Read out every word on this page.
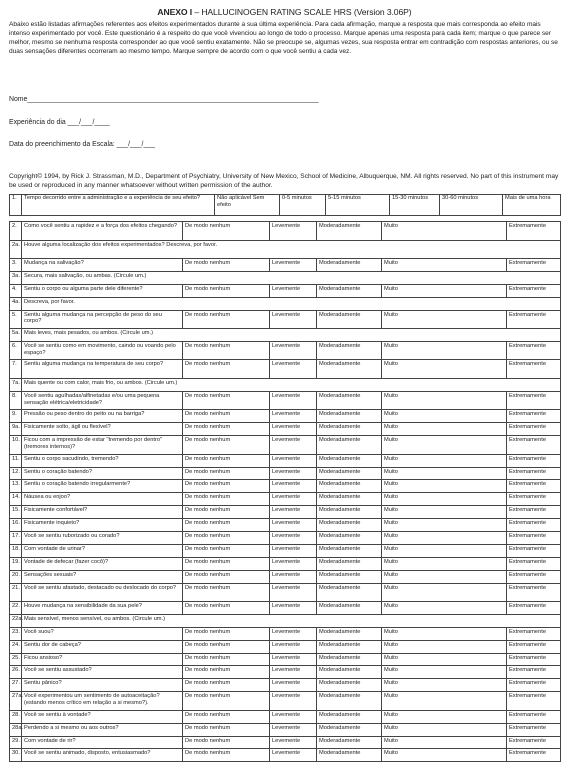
ANEXO I – HALLUCINOGEN RATING SCALE HRS (Version 3.06P)
Abaixo estão listadas afirmações referentes aos efeitos experimentados durante a sua última experiência. Para cada afirmação, marque a resposta que mais corresponda ao efeito mais intenso experimentado por você. Este questionário é a respeito do que você vivenciou ao longo de todo o processo. Marque apenas uma resposta para cada item; marque o que parece ser melhor, mesmo se nenhuma resposta corresponder ao que você sentiu exatamente. Não se preocupe se, algumas vezes, sua resposta entrar em contradição com respostas anteriores, ou se duas sensações diferentes ocorreram ao mesmo tempo. Marque sempre de acordo com o que você sentiu a cada vez.
Nome____________________________________________________________________________
Experiência do dia ___/___/____
Data do preenchimento da Escala: ___/___/___
Copyright© 1994, by Rick J. Strassman, M.D., Department of Psychiatry, University of New Mexico, School of Medicine, Albuquerque, NM. All rights reserved. No part of this instrument may be used or reproduced in any manner whatsoever without written permission of the author.
1.	Tempo decorrido entre a administração e a experiência de seu efeito?	Não aplicável Sem efeito	0-5 minutos	5-15 minutos	15-30 minutos	30-60 minutos	Mais de uma hora
2.	Como você sentiu a rapidez e a força dos efeitos chegando?	De modo nenhum	Levemente	Moderadamente	Muito	Extremamente
2a.	Houve alguma localização dos efeitos experimentados? Descreva, por favor.					
3.	Mudança na salivação?	De modo nenhum	Levemente	Moderadamente	Muito	Extremamente
3a.	Secura, mais salivação, ou ambas. (Circule um.)					
4.	Sentiu o corpo ou alguma parte dele diferente?	De modo nenhum	Levemente	Moderadamente	Muito	Extremamente
4a.	Descreva, por favor.					
5.	Sentiu alguma mudança na percepção de peso do seu corpo?	De modo nenhum	Levemente	Moderadamente	Muito	Extremamente
5a.	Mais leves, mais pesados, ou ambos. (Circule um.)					
6.	Você se sentiu como em movimento, caindo ou voando pelo espaço?	De modo nenhum	Levemente	Moderadamente	Muito	Extremamente
7.	Sentiu alguma mudança na temperatura de seu corpo?	De modo nenhum	Levemente	Moderadamente	Muito	Extremamente
7a.	Mais quente ou com calor, mais frio, ou ambos. (Circule um.)					
8.	Você sentiu agulhadas/alfinetadas e/ou uma pequena sensação elétrica/eletricidade?	De modo nenhum	Levemente	Moderadamente	Muito	Extremamente
9.	Pressão ou peso dentro do peito ou na barriga?	De modo nenhum	Levemente	Moderadamente	Muito	Extremamente
9a.	Fisicamente solto, ágil ou flexível?	De modo nenhum	Levemente	Moderadamente	Muito	Extremamente
10.	Ficou com a impressão de estar "tremendo por dentro" (tremores internos)?	De modo nenhum	Levemente	Moderadamente	Muito	Extremamente
11.	Sentiu o corpo sacudindo, tremendo?	De modo nenhum	Levemente	Moderadamente	Muito	Extremamente
12.	Sentiu o coração batendo?	De modo nenhum	Levemente	Moderadamente	Muito	Extremamente
13.	Sentiu o coração batendo irregularmente?	De modo nenhum	Levemente	Moderadamente	Muito	Extremamente
14.	Náusea ou enjoo?	De modo nenhum	Levemente	Moderadamente	Muito	Extremamente
15.	Fisicamente confortável?	De modo nenhum	Levemente	Moderadamente	Muito	Extremamente
16.	Fisicamente inquieto?	De modo nenhum	Levemente	Moderadamente	Muito	Extremamente
17.	Você se sentiu ruborizado ou corado?	De modo nenhum	Levemente	Moderadamente	Muito	Extremamente
18.	Com vontade de urinar?	De modo nenhum	Levemente	Moderadamente	Muito	Extremamente
19.	Vontade de defecar (fazer cocô)?	De modo nenhum	Levemente	Moderadamente	Muito	Extremamente
20.	Sensações sexuais?	De modo nenhum	Levemente	Moderadamente	Muito	Extremamente
21.	Você se sentiu afastado, destacado ou deslocado do corpo?	De modo nenhum	Levemente	Moderadamente	Muito	Extremamente
22.	Houve mudança na sensibilidade da sua pele?	De modo nenhum	Levemente	Moderadamente	Muito	Extremamente
22a.	Mais sensível, menos sensível, ou ambos. (Circule um.)					
23.	Você suou?	De modo nenhum	Levemente	Moderadamente	Muito	Extremamente
24.	Sentiu dor de cabeça?	De modo nenhum	Levemente	Moderadamente	Muito	Extremamente
25.	Ficou ansioso?	De modo nenhum	Levemente	Moderadamente	Muito	Extremamente
26.	Você se sentiu assustado?	De modo nenhum	Levemente	Moderadamente	Muito	Extremamente
27.	Sentiu pânico?	De modo nenhum	Levemente	Moderadamente	Muito	Extremamente
27a.	Você experimentou um sentimento de autoaceitação? (estando menos crítico em relação a si mesmo?).	De modo nenhum	Levemente	Moderadamente	Muito	Extremamente
28.	Você se sentiu à vontade?	De modo nenhum	Levemente	Moderadamente	Muito	Extremamente
28a.	Perdendo a si mesmo ou aos outros?	De modo nenhum	Levemente	Moderadamente	Muito	Extremamente
29.	Com vontade de rir?	De modo nenhum	Levemente	Moderadamente	Muito	Extremamente
30.	Você se sentiu animado, disposto, entusiasmado?	De modo nenhum	Levemente	Moderadamente	Muito	Extremamente
